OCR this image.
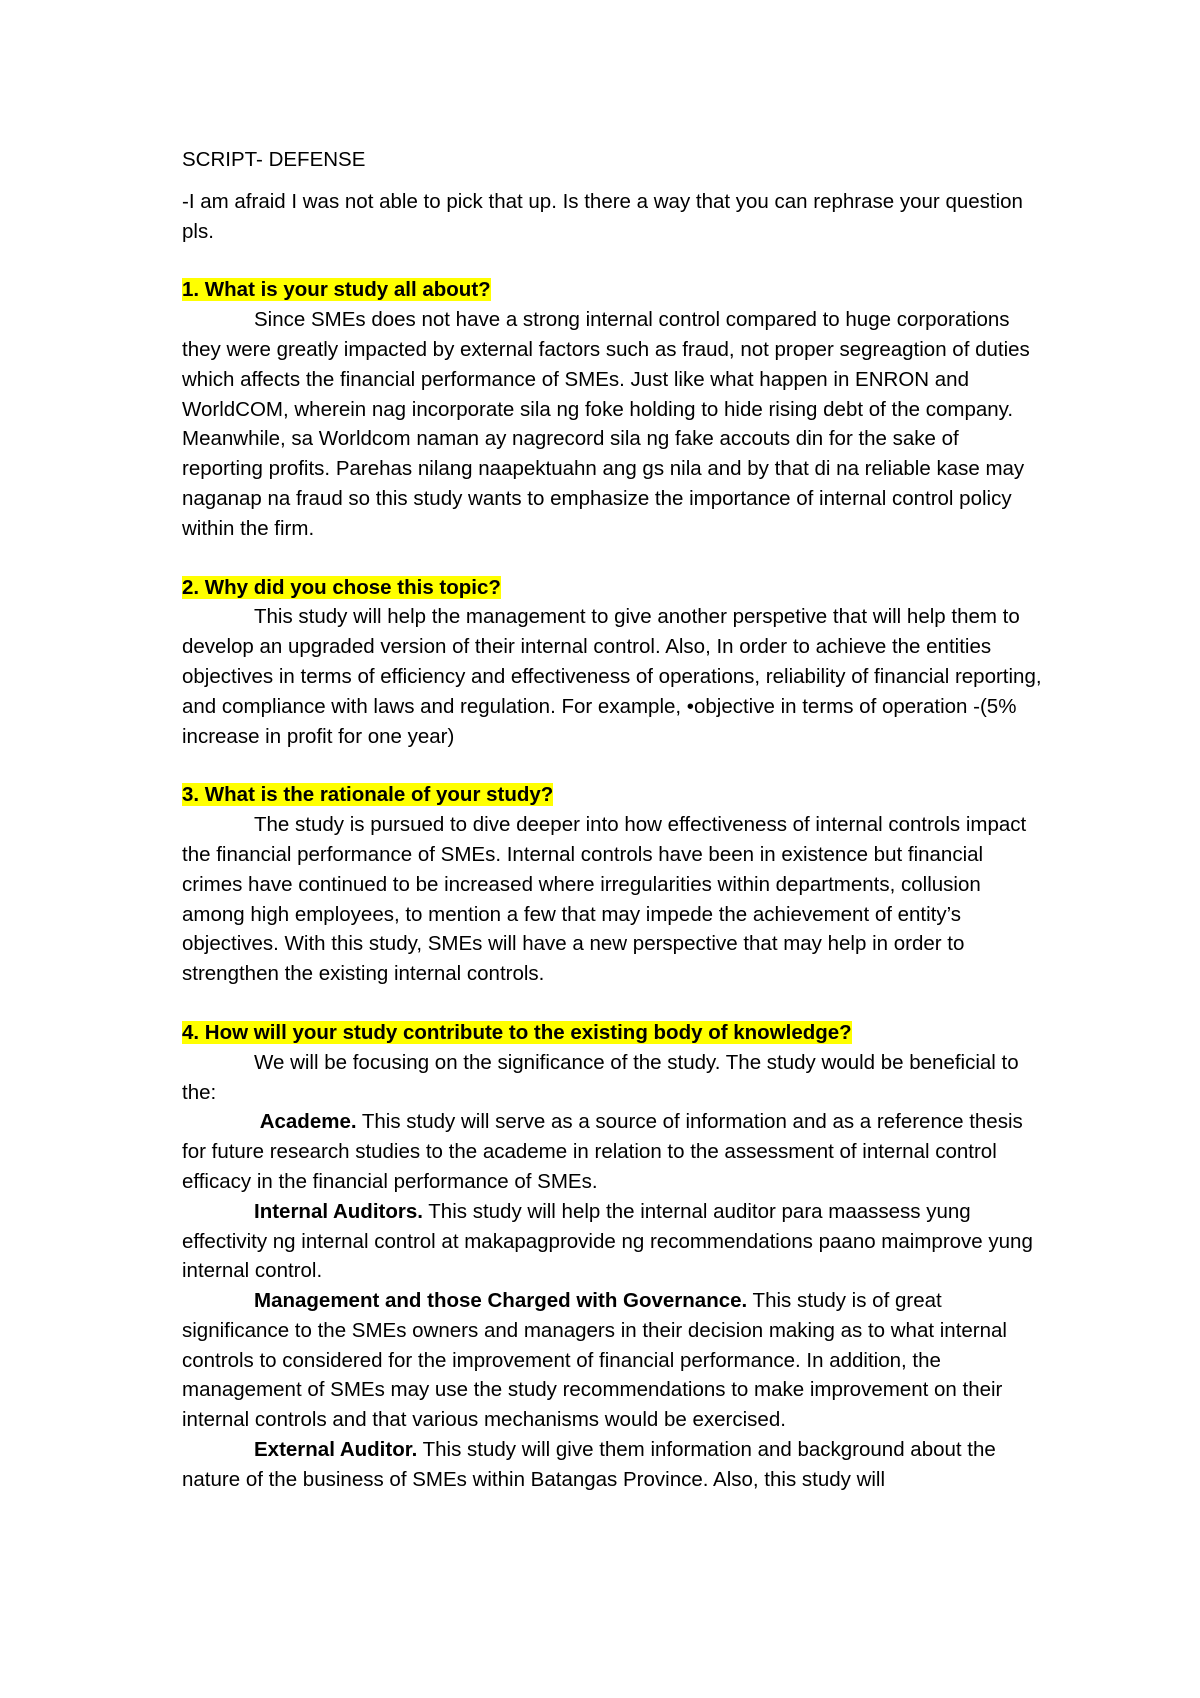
SCRIPT- DEFENSE
-I am afraid I was not able to pick that up. Is there a way that you can rephrase your question pls.
1. What is your study all about?

Since SMEs does not have a strong internal control compared to huge corporations they were greatly impacted by external factors such as fraud, not proper segreagtion of duties which affects the financial performance of SMEs. Just like what happen in ENRON and WorldCOM, wherein nag incorporate sila ng foke holding to hide rising debt of the company. Meanwhile, sa Worldcom naman ay nagrecord sila ng fake accouts din for the sake of reporting profits. Parehas nilang naapektuahn ang gs nila and by that di na reliable kase may naganap na fraud so this study wants to emphasize the importance of internal control policy within the firm.

2. Why did you chose this topic?

This study will help the management to give another perspetive that will help them to develop an upgraded version of their internal control. Also, In order to achieve the entities objectives in terms of efficiency and effectiveness of operations, reliability of financial reporting, and compliance with laws and regulation. For example, •objective in terms of operation -(5% increase in profit for one year)

3. What is the rationale of your study?

The study is pursued to dive deeper into how effectiveness of internal controls impact the financial performance of SMEs. Internal controls have been in existence but financial crimes have continued to be increased where irregularities within departments, collusion among high employees, to mention a few that may impede the achievement of entity’s objectives. With this study, SMEs will have a new perspective that may help in order to strengthen the existing internal controls.

4. How will your study contribute to the existing body of knowledge?

We will be focusing on the significance of the study. The study would be beneficial to the:

Academe. This study will serve as a source of information and as a reference thesis for future research studies to the academe in relation to the assessment of internal control efficacy in the financial performance of SMEs.

Internal Auditors. This study will help the internal auditor para maassess yung effectivity ng internal control at makapagprovide ng recommendations paano maimprove yung internal control.

Management and those Charged with Governance. This study is of great significance to the SMEs owners and managers in their decision making as to what internal controls to considered for the improvement of financial performance. In addition, the management of SMEs may use the study recommendations to make improvement on their internal controls and that various mechanisms would be exercised.

External Auditor. This study will give them information and background about the nature of the business of SMEs within Batangas Province. Also, this study will
